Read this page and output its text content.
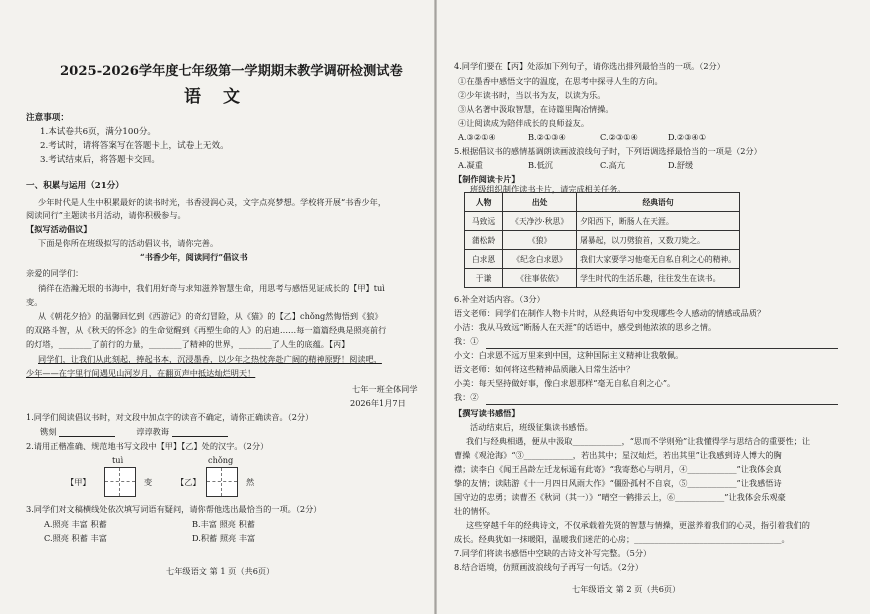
2025-2026学年度七年级第一学期期末教学调研检测试卷
语文
注意事项：
1.本试卷共6页，满分100分。
2.考试时，请将答案写在答题卡上，试卷上无效。
3.考试结束后，将答题卡交回。
一、积累与运用（21分）
少年时代是人生中积累最好的读书时光，书香浸润心灵，文字点亮梦想。学校将开展“书香少年，
阅读同行”主题读书月活动，请你积极参与。
【拟写活动倡议】
下面是你所在班级拟写的活动倡议书，请你完善。
“书香少年，阅读同行”倡议书
亲爱的同学们：
徜徉在浩瀚无垠的书海中，我们用好奇与求知滋养智慧生命，用思考与感悟见证成长的【甲】tuì
变。
从《朝花夕拾》的温馨回忆到《西游记》的奇幻冒险，从《猫》的【乙】chǒng然悔悟到《狼》
的双路斗智，从《秋天的怀念》的生命觉醒到《再塑生命的人》的启迪……每一篇篇经典是照亮前行
的灯塔，________了前行的力量，________了精神的世界，________了人生的底蕴。【丙】
同学们，让我们从此刻起，捧起书本，沉浸墨香，以少年之热忱奔赴广阔的精神原野！阅读吧，
少年——在字里行间遇见山河岁月，在翻页声中抵达灿烂明天！
七年一班全体同学
2026年1月7日
1.同学们阅读倡议书时，对文段中加点字的读音不确定，请你正确读音。（2分）
镌刻	谆谆教诲
2.请用正楷准确、规范地书写文段中【甲】【乙】处的汉字。（2分）
tuì
【甲】	变
chǒng
【乙】	然
3.同学们对文稿横线处依次填写词语有疑问，请你帮他选出最恰当的一项。（2分）
A.照亮 丰富 积蓄	B.丰富 照亮 积蓄
C.照亮 积蓄 丰富	D.积蓄 照亮 丰富
七年级语文 第 1 页（共6页）
4.同学们要在【丙】处添加下列句子，请你选出排列最恰当的一项。（2分）
①在墨香中感悟文字的温度，在思考中探寻人生的方向。
②少年读书时，当以书为友，以读为乐。
③从名著中汲取智慧，在诗篇里陶冶情操。
④让阅读成为陪伴成长的良师益友。
A.③②①④	B.②①③④	C.②③①④	D.②③④①
5.根据倡议书的感情基调朗读画波浪线句子时，下列语调选择最恰当的一项是（2分）
A.凝重	B.低沉	C.高亢	D.舒缓
【制作阅读卡片】
班级组织制作读书卡片，请完成相关任务。
6.补全对话内容。（3分）
语文老师：同学们在制作人物卡片时，从经典语句中发现哪些令人感动的情感或品质？
小洁：我从马致远“断肠人在天涯”的话语中，感受到他浓浓的思乡之情。
我：①
小文：白求恩不远万里来到中国，这种国际主义精神让我敬佩。
语文老师：如何将这些精神品质融入日常生活中？
小美：每天坚持做好事，像白求恩那样“毫无自私自利之心”。
我：②
【撰写读书感悟】
活动结束后，班级征集读书感悟。
我们与经典相遇，便从中汲取____________，“思而不学则殆”让我懂得学与思结合的重要性；让
曹操《观沧海》“③____________，若出其中；星汉灿烂，若出其里”让我感到诗人博大的胸
襟；读李白《闻王昌龄左迁龙标遥有此寄》“我寄愁心与明月，④____________”让我体会真
挚的友情；读陆游《十一月四日风雨大作》“僵卧孤村不自哀，⑤____________”让我感悟诗
国守边的忠勇；读曹丕《秋词（其一）》“晴空一鹤排云上，⑥____________”让我体会乐观豪
壮的情怀。
这些穿越千年的经典诗文，不仅承载着先贤的智慧与情操，更滋养着我们的心灵，指引着我们的
成长。经典犹如一抹暖阳，温暖我们迷茫的心房；____________________________________。
7.同学们将读书感悟中空缺的古诗文补写完整。（5分）
8.结合语境，仿照画波浪线句子再写一句话。（2分）
七年级语文 第 2 页（共6页）
人物	出处	经典语句
马致远	《天净沙·秋思》	夕阳西下，断肠人在天涯。
蒲松龄	《狼》	屠暴起，以刀劈狼首，又数刀毙之。
白求恩	《纪念白求恩》	我们大家要学习他毫无自私自利之心的精神。
于谦	《往事依依》	学生时代的生活乐趣，往往发生在读书。
